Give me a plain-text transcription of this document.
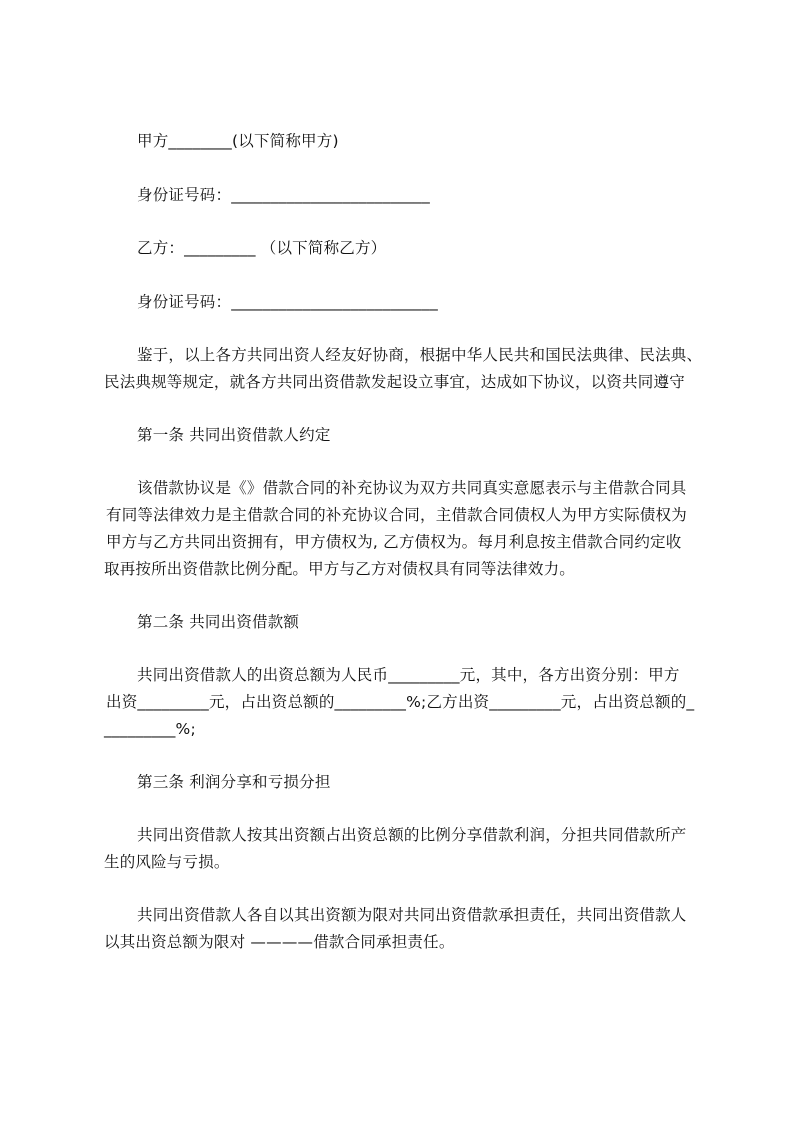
甲方________(以下简称甲方)
身份证号码：_________________________
乙方：_________ （以下简称乙方）
身份证号码：__________________________
鉴于，以上各方共同出资人经友好协商，根据中华人民共和国民法典律、民法典、
民法典规等规定，就各方共同出资借款发起设立事宜，达成如下协议，以资共同遵守
第一条 共同出资借款人约定
该借款协议是《》借款合同的补充协议为双方共同真实意愿表示与主借款合同具
有同等法律效力是主借款合同的补充协议合同，主借款合同债权人为甲方实际债权为
甲方与乙方共同出资拥有，甲方债权为, 乙方债权为。每月利息按主借款合同约定收
取再按所出资借款比例分配。甲方与乙方对债权具有同等法律效力。
第二条 共同出资借款额
共同出资借款人的出资总额为人民币_________元，其中，各方出资分别：甲方
出资_________元，占出资总额的_________%;乙方出资_________元，占出资总额的_
_________%;
第三条 利润分享和亏损分担
共同出资借款人按其出资额占出资总额的比例分享借款利润，分担共同借款所产
生的风险与亏损。
共同出资借款人各自以其出资额为限对共同出资借款承担责任，共同出资借款人
以其出资总额为限对 ————借款合同承担责任。
